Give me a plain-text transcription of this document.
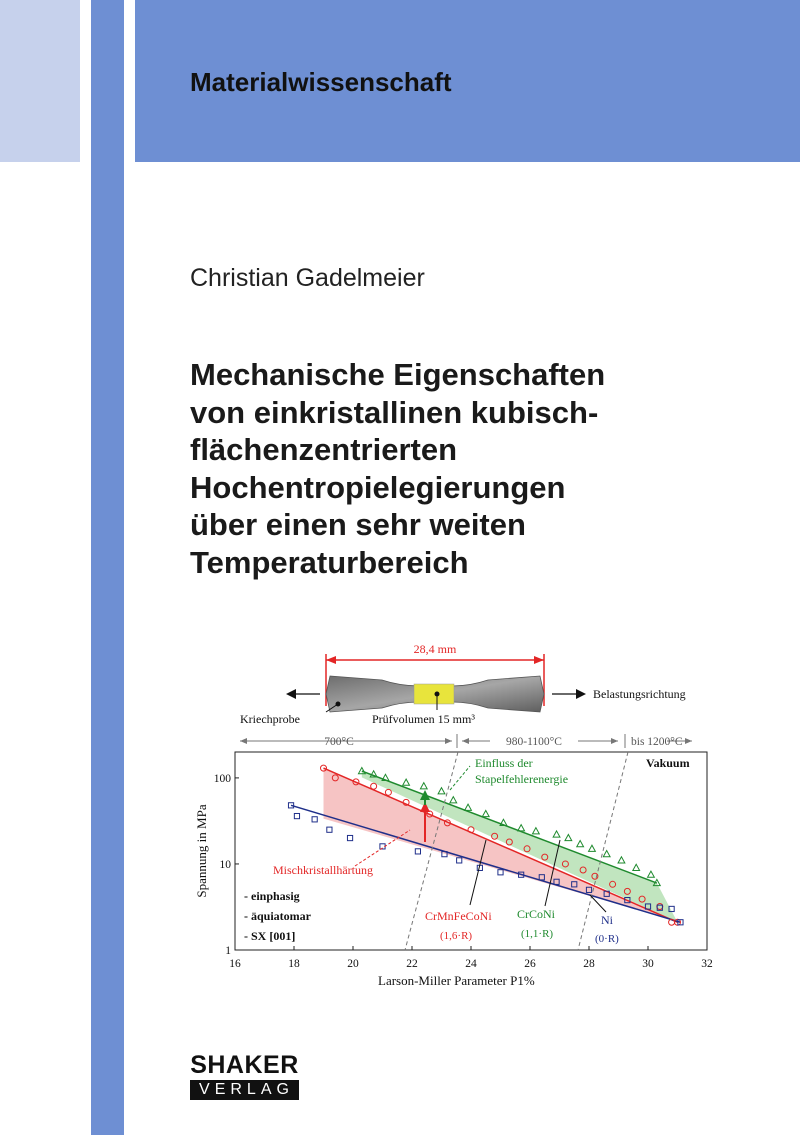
Materialwissenschaft
Christian Gadelmeier
Mechanische Eigenschaften
von einkristallinen kubisch-
flächenzentrierten
Hochentropielegierungen
über einen sehr weiten
Temperaturbereich
28,4 mm
Kriechprobe	Prüfvolumen 15 mm³
Belastungsrichtung
700°C	980-1100°C	bis 1200°C
16	18	20	22	24	26	28	30	32
1
10
100
Einfluss der
Stapelfehlerenergie
Vakuum
Mischkristallhärtung
- einphasig
- äquiatomar
- SX [001]
CrMnFeCoNi
(1,6·R)
CrCoNi
(1,1·R)
Ni
(0·R)
Larson-Miller Parameter P1%
Spannung in MPa
SHAKER
VERLAG
